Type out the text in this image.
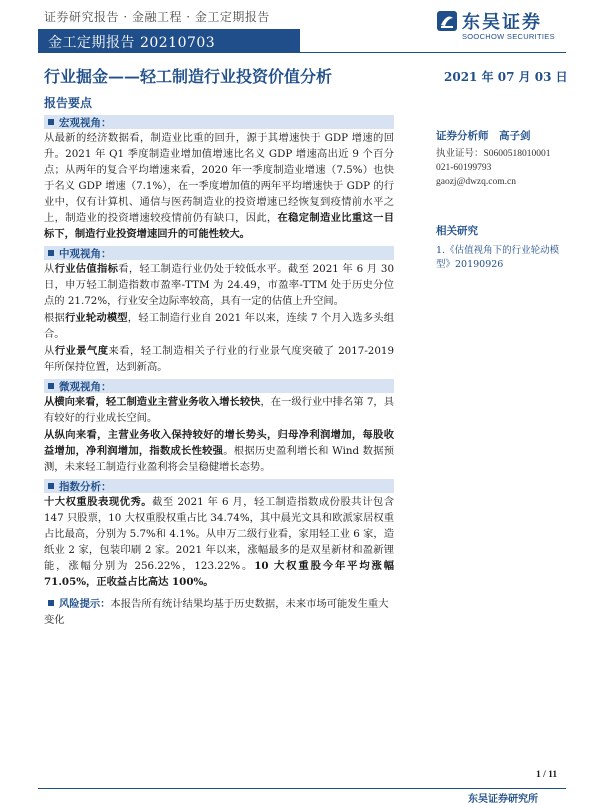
证券研究报告 · 金融工程 · 金工定期报告
金工定期报告 20210703
东吴证券
SOOCHOW SECURITIES
行业掘金——轻工制造行业投资价值分析	2021 年 07 月 03 日
报告要点
宏观视角：
从最新的经济数据看，制造业比重的回升，源于其增速快于 GDP 增速的回升。2021 年 Q1 季度制造业增加值增速比名义 GDP 增速高出近 9 个百分点；从两年的复合平均增速来看，2020 年一季度制造业增速（7.5%）也快于名义 GDP 增速（7.1%），在一季度增加值的两年平均增速快于 GDP 的行业中，仅有计算机、通信与医药制造业的投资增速已经恢复到疫情前水平之上，制造业的投资增速较疫情前仍有缺口，因此，在稳定制造业比重这一目标下，制造行业投资增速回升的可能性较大。
中观视角：
从行业估值指标看，轻工制造行业仍处于较低水平。截至 2021 年 6 月 30 日，申万轻工制造指数市盈率-TTM 为 24.49，市盈率-TTM 处于历史分位点的 21.72%，行业安全边际率较高，具有一定的估值上升空间。
根据行业轮动模型，轻工制造行业自 2021 年以来，连续 7 个月入选多头组合。
从行业景气度来看，轻工制造相关子行业的行业景气度突破了 2017-2019 年所保持位置，达到新高。
微观视角：
从横向来看，轻工制造业主营业务收入增长较快，在一级行业中排名第 7，具有较好的行业成长空间。
从纵向来看，主营业务收入保持较好的增长势头，归母净利润增加，每股收益增加，净利润增加，指数成长性较强。根据历史盈利增长和 Wind 数据预测，未来轻工制造行业盈利将会呈稳健增长态势。
指数分析：
十大权重股表现优秀。截至 2021 年 6 月，轻工制造指数成份股共计包含 147 只股票，10 大权重股权重占比 34.74%，其中晨光文具和欧派家居权重占比最高，分别为 5.7%和 4.1%。从申万二级行业看，家用轻工业 6 家，造纸业 2 家，包装印刷 2 家。2021 年以来，涨幅最多的是双星新材和盈新锂能，涨幅分别为 256.22%，123.22%。10 大权重股今年平均涨幅 71.05%，正收益占比高达 100%。
风险提示：本报告所有统计结果均基于历史数据，未来市场可能发生重大变化
证券分析师　高子剑
执业证号：S0600518010001
021-60199793
gaozj@dwzq.com.cn
相关研究
1.《估值视角下的行业轮动模型》20190926
1 / 11
东吴证券研究所
